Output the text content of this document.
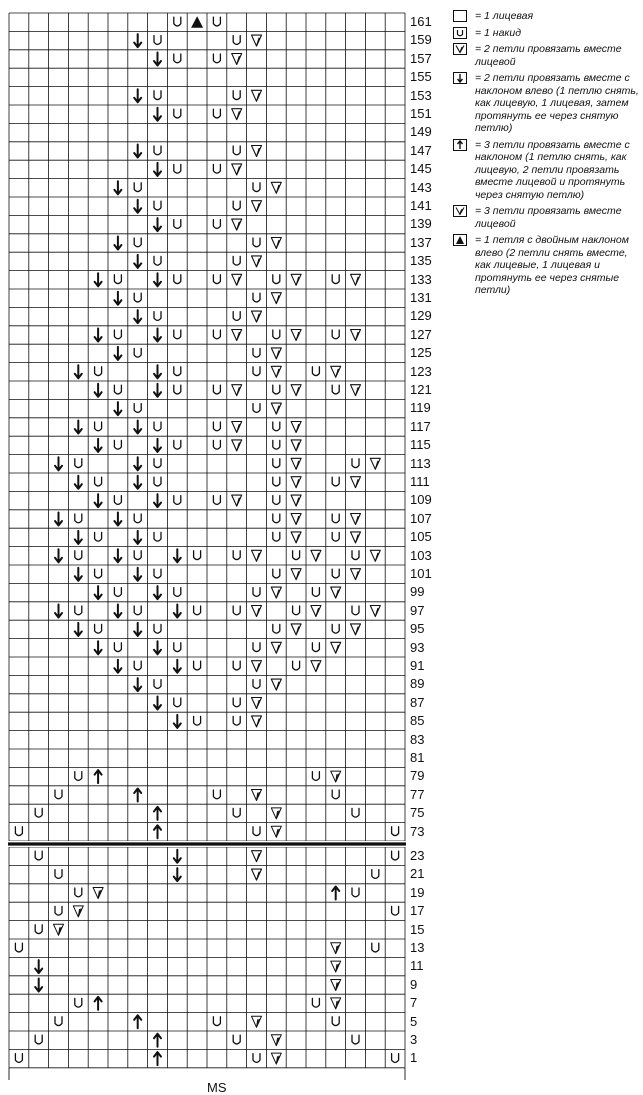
161
159
157
155
153
151
149
147
145
143
141
139
137
135
133
131
129
127
125
123
121
119
117
115
113
111
109
107
105
103
101
99
97
95
93
91
89
87
85
83
81
79
77
75
73
23
21
19
17
15
13
11
9
7
5
3
1
= 1 лицевая
= 1 накид
= 2 петли провязать вместе лицевой
= 2 петли провязать вместе с наклоном влево (1 петлю снять, как лицевую, 1 лицевая, затем протянуть ее через снятую петлю)
= 3 петли провязать вместе с наклоном (1 петлю снять, как лицевую, 2 петли провязать вместе лицевой и протянуть через снятую петлю)
= 3 петли провязать вместе лицевой
= 1 петля с двойным наклоном влево (2 петли снять вместе, как лицевые, 1 лицевая и протянуть ее через снятые петли)
MS
